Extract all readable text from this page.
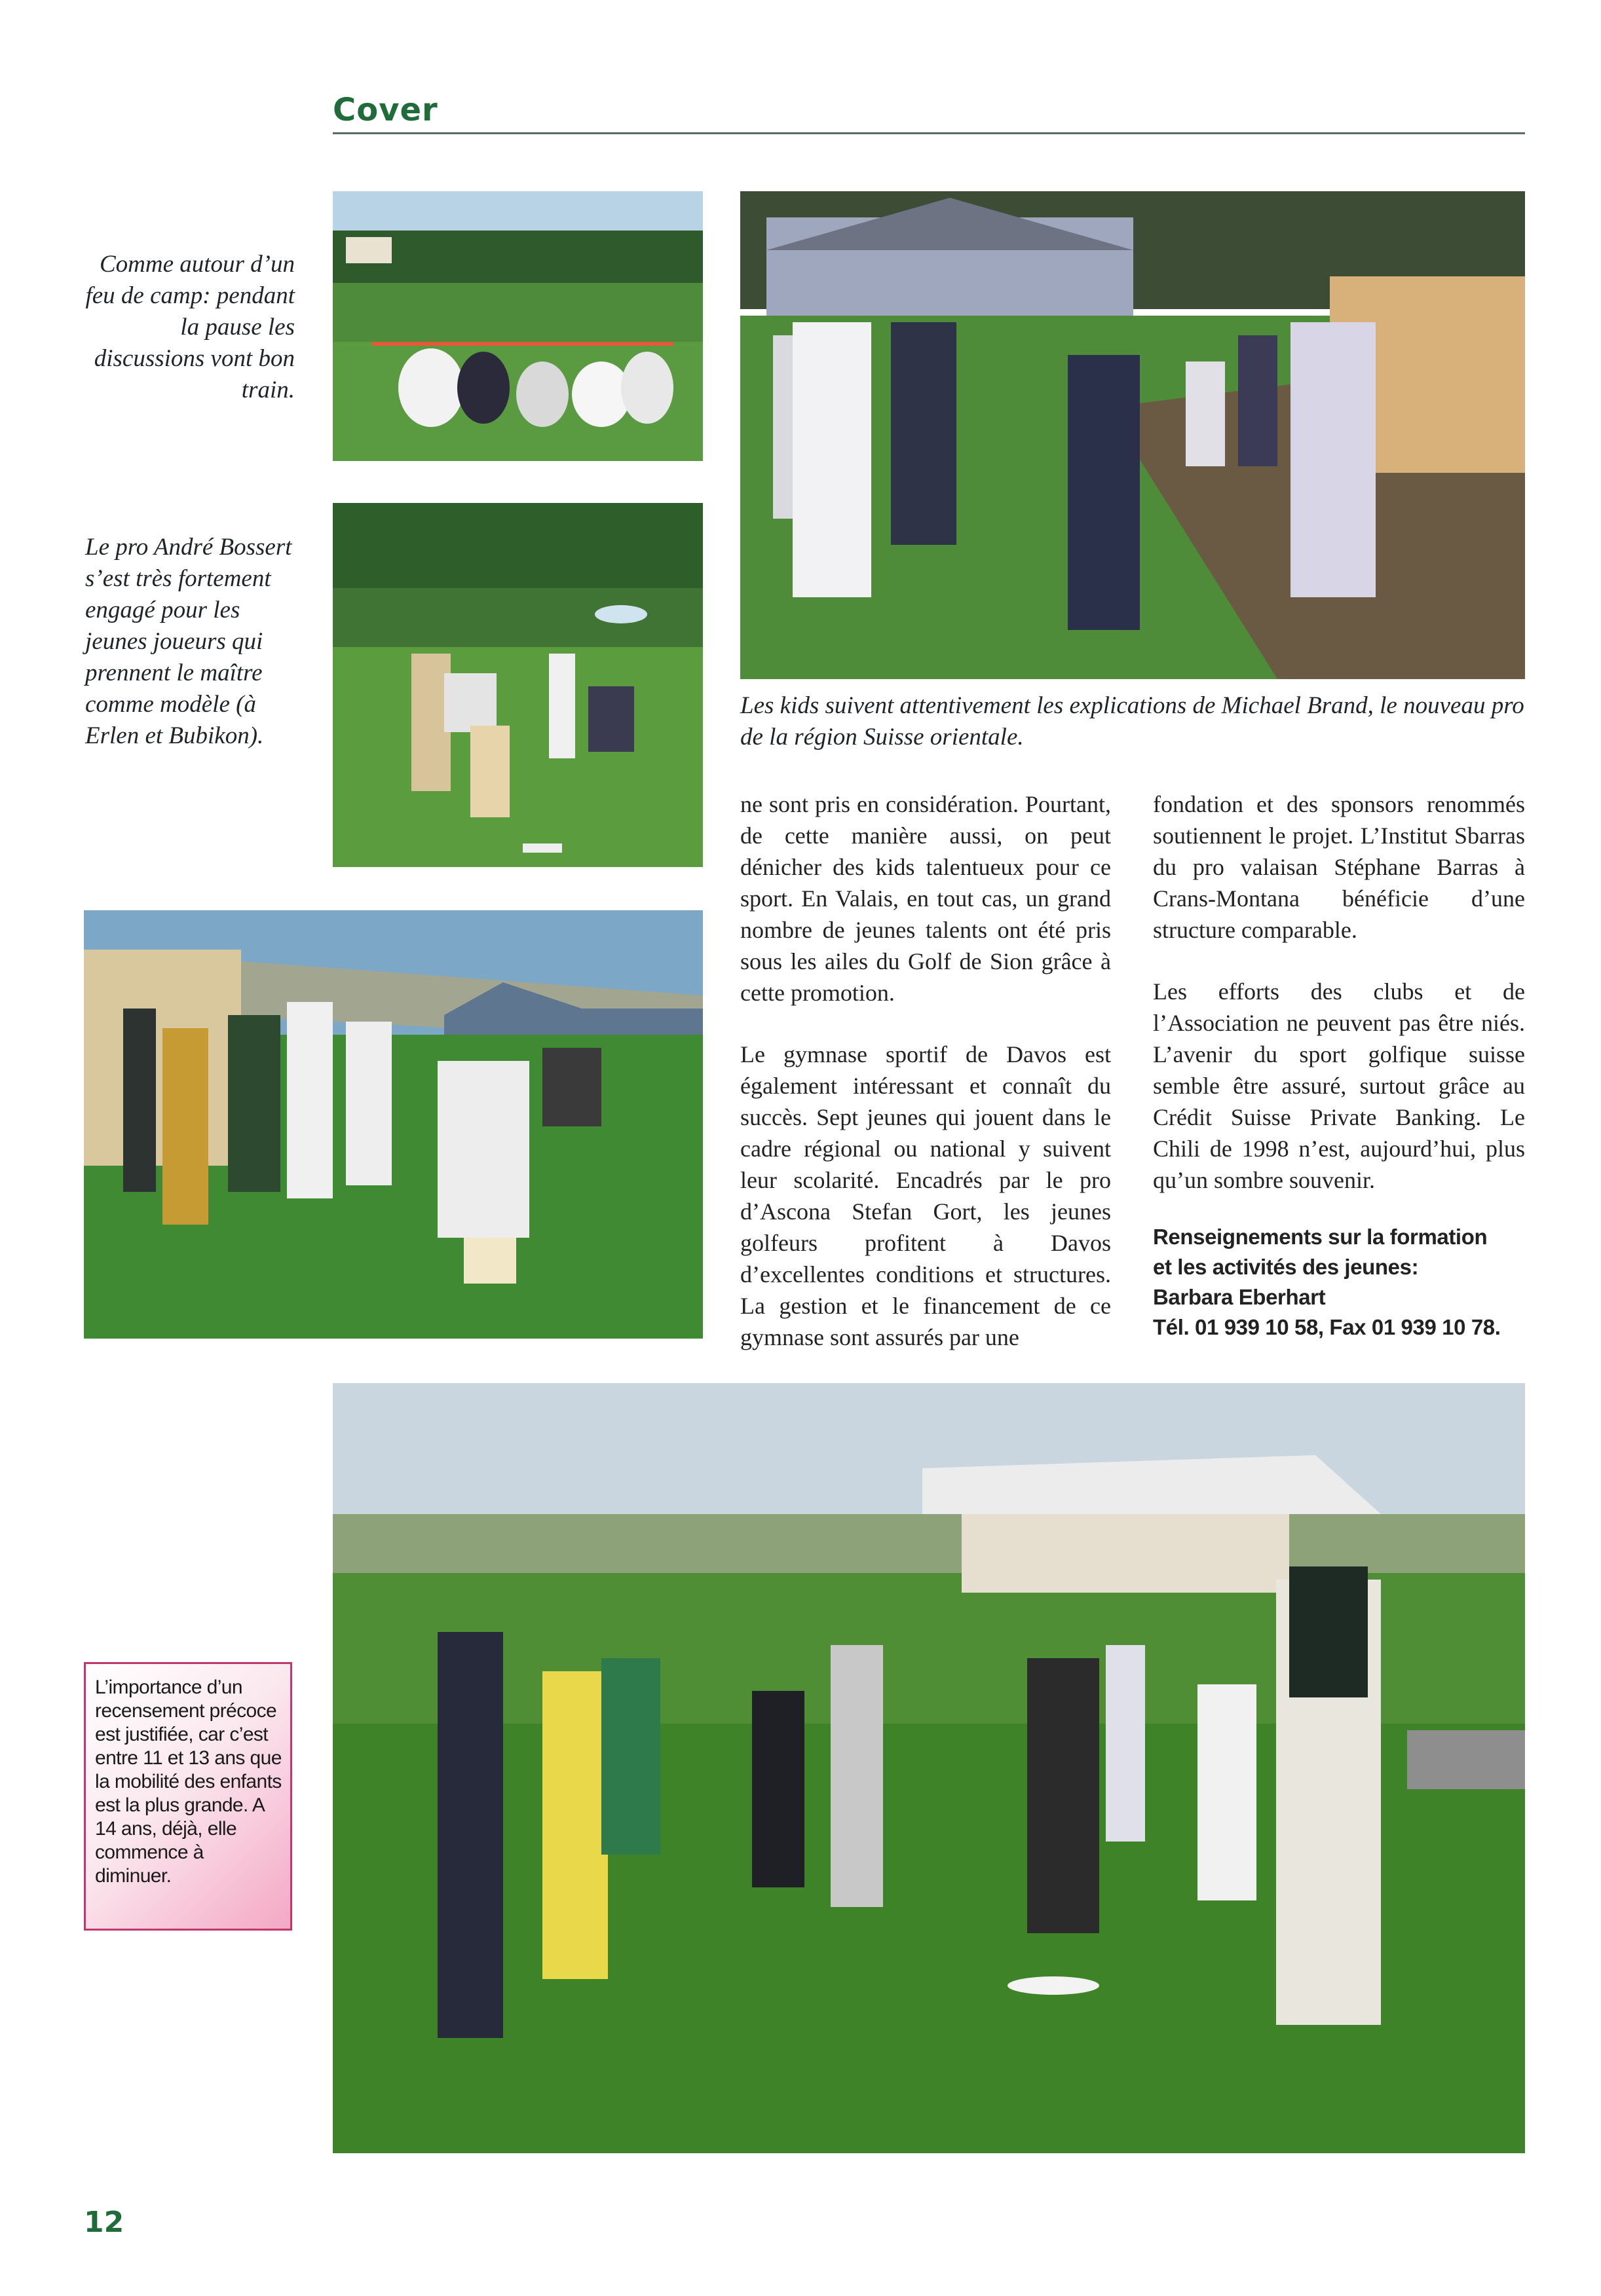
Cover
Comme autour d’un feu de camp: pendant la pause les discussions vont bon train.
Le pro André Bossert s’est très fortement engagé pour les jeunes joueurs qui prennent le maître comme modèle (à Erlen et Bubikon).
Les kids suivent attentivement les explications de Michael Brand, le nouveau pro de la région Suisse orientale.

ne sont pris en considération. Pourtant, de cette manière aussi, on peut dénicher des kids talentueux pour ce sport. En Valais, en tout cas, un grand nombre de jeunes talents ont été pris sous les ailes du Golf de Sion grâce à cette promotion.

Le gymnase sportif de Davos est également intéressant et connaît du succès. Sept jeunes qui jouent dans le cadre régional ou national y suivent leur scolarité. Encadrés par le pro d’Ascona Stefan Gort, les jeunes golfeurs profitent à Davos d’excellentes conditions et structures. La gestion et le financement de ce gymnase sont assurés par une

fondation et des sponsors renommés soutiennent le projet. L’Institut Sbarras du pro valaisan Stéphane Barras à Crans-Montana bénéficie d’une structure comparable.

Les efforts des clubs et de l’Association ne peuvent pas être niés. L’avenir du sport golfique suisse semble être assuré, surtout grâce au Crédit Suisse Private Banking. Le Chili de 1998 n’est, aujourd’hui, plus qu’un sombre souvenir.

Renseignements sur la formation
et les activités des jeunes:
Barbara Eberhart
Tél. 01 939 10 58, Fax 01 939 10 78.
L’importance d’un recensement précoce est justifiée, car c’est entre 11 et 13 ans que la mobilité des enfants est la plus grande. A 14 ans, déjà, elle commence à diminuer.
12
